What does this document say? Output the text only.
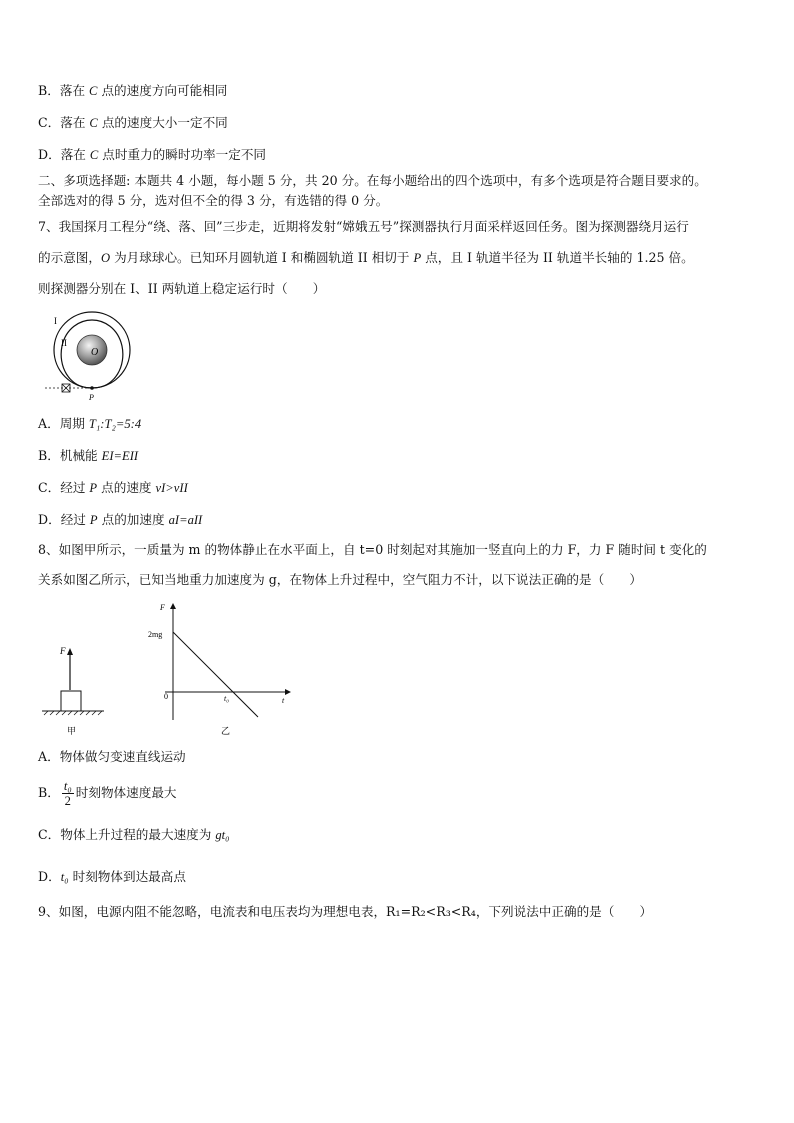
B．落在 C 点的速度方向可能相同
C．落在 C 点的速度大小一定不同
D．落在 C 点时重力的瞬时功率一定不同
二、多项选择题: 本题共 4 小题，每小题 5 分，共 20 分。在每小题给出的四个选项中，有多个选项是符合题目要求的。
全部选对的得 5 分，选对但不全的得 3 分，有选错的得 0 分。
7、我国探月工程分“绕、落、回”三步走，近期将发射“嫦娥五号”探测器执行月面采样返回任务。图为探测器绕月运行
的示意图，O 为月球球心。已知环月圆轨道 I 和椭圆轨道 II 相切于 P 点，且 I 轨道半径为 II 轨道半长轴的 1.25 倍。
则探测器分别在 I、II 两轨道上稳定运行时（　　）
I
II
O
P
A．周期 T₁:T₂=5:4
B．机械能 EI=EII
C．经过 P 点的速度 vI>vII
D．经过 P 点的加速度 aI=aII
8、如图甲所示，一质量为 m 的物体静止在水平面上，自 t=0 时刻起对其施加一竖直向上的力 F，力 F 随时间 t 变化的
关系如图乙所示，已知当地重力加速度为 g，在物体上升过程中，空气阻力不计，以下说法正确的是（　　）
F
甲
F
t
2mg
0	t₀
乙
A．物体做匀变速直线运动
B． $\frac{\text{t₀}}{2}$ 时刻物体速度最大
C．物体上升过程的最大速度为 gt₀
D．t₀ 时刻物体到达最高点
9、如图，电源内阻不能忽略，电流表和电压表均为理想电表，R₁=R₂<R₃<R₄，下列说法中正确的是（　　）
